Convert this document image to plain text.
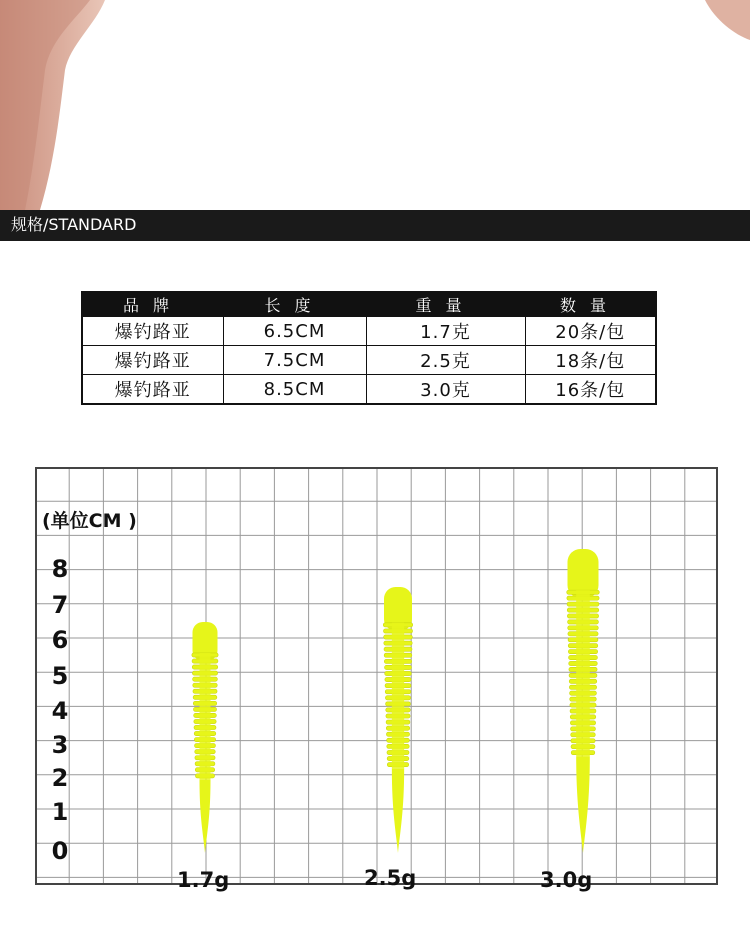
规格/STANDARD
品牌	长度	重量	数量
爆钓路亚	6.5CM	1.7克	20条/包
爆钓路亚	7.5CM	2.5克	18条/包
爆钓路亚	8.5CM	3.0克	16条/包
(单位CM )
8
7
6
5
4
3
2
1
0
1.7g	2.5g	3.0g
